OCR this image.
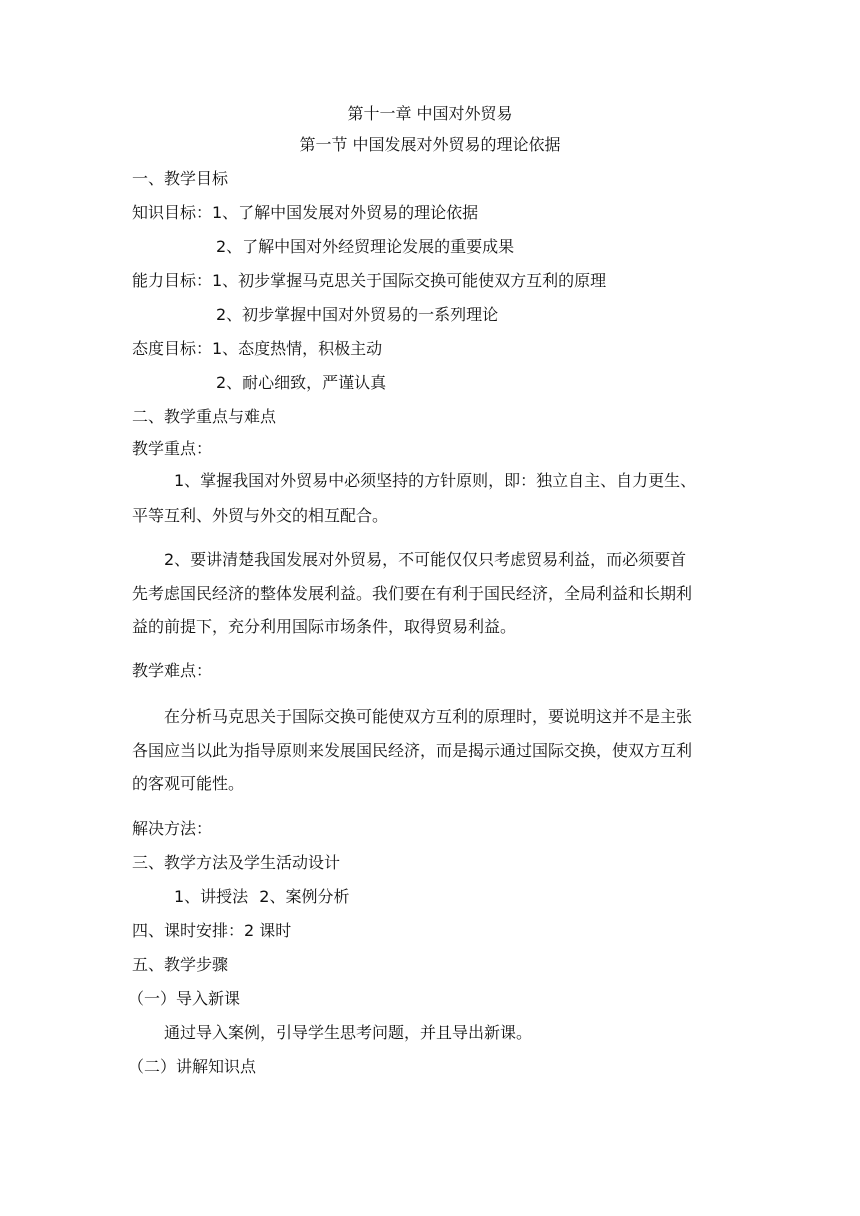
第十一章 中国对外贸易
第一节 中国发展对外贸易的理论依据
一、教学目标
知识目标：1、了解中国发展对外贸易的理论依据
2、了解中国对外经贸理论发展的重要成果
能力目标：1、初步掌握马克思关于国际交换可能使双方互利的原理
2、初步掌握中国对外贸易的一系列理论
态度目标：1、态度热情，积极主动
2、耐心细致，严谨认真
二、教学重点与难点
教学重点：
1、掌握我国对外贸易中必须坚持的方针原则，即：独立自主、自力更生、
平等互利、外贸与外交的相互配合。
2、要讲清楚我国发展对外贸易，不可能仅仅只考虑贸易利益，而必须要首
先考虑国民经济的整体发展利益。我们要在有利于国民经济，全局利益和长期利
益的前提下，充分利用国际市场条件，取得贸易利益。
教学难点：
在分析马克思关于国际交换可能使双方互利的原理时，要说明这并不是主张
各国应当以此为指导原则来发展国民经济，而是揭示通过国际交换，使双方互利
的客观可能性。
解决方法：
三、教学方法及学生活动设计
1、讲授法 2、案例分析
四、课时安排：2 课时
五、教学步骤
（一）导入新课
通过导入案例，引导学生思考问题，并且导出新课。
（二）讲解知识点
